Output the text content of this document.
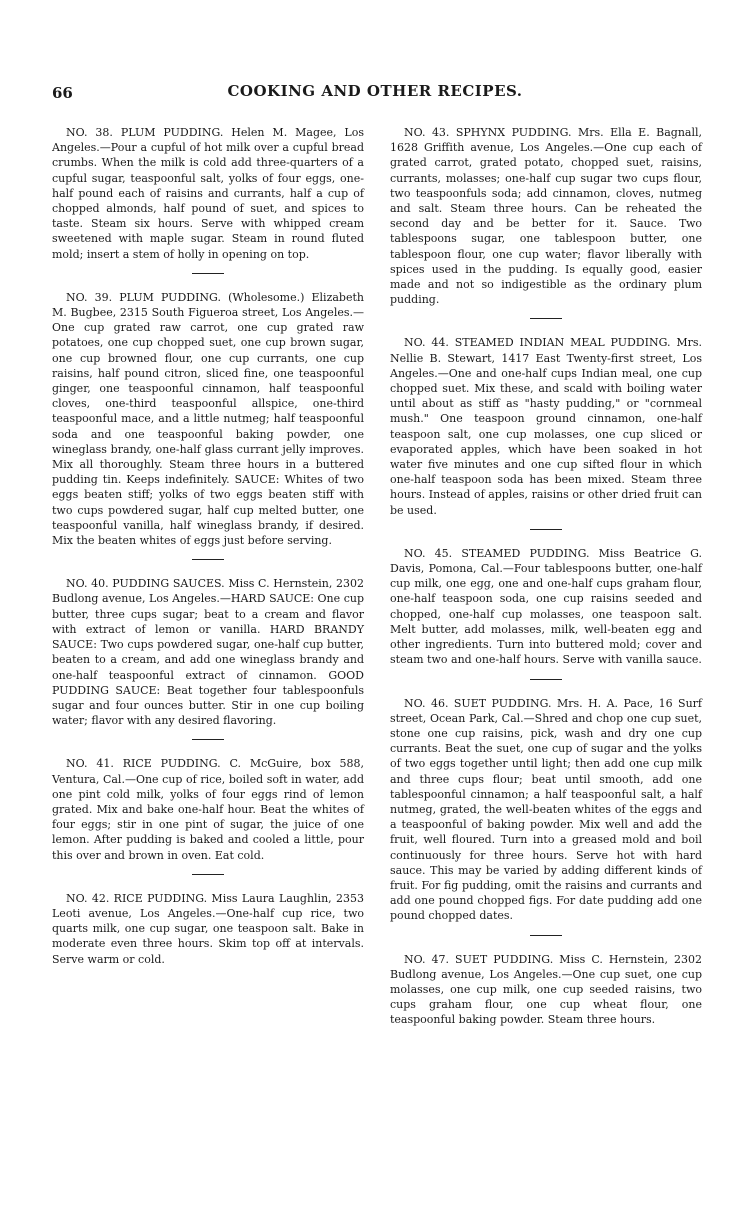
66	COOKING AND OTHER RECIPES.

NO. 38. PLUM PUDDING. Helen M. Magee, Los Angeles.—Pour a cupful of hot milk over a cupful bread crumbs. When the milk is cold add three-quarters of a cupful sugar, teaspoonful salt, yolks of four eggs, one-half pound each of raisins and currants, half a cup of chopped almonds, half pound of suet, and spices to taste. Steam six hours. Serve with whipped cream sweetened with maple sugar. Steam in round fluted mold; insert a stem of holly in opening on top.

NO. 39. PLUM PUDDING. (Wholesome.) Elizabeth M. Bugbee, 2315 South Figueroa street, Los Angeles.—One cup grated raw carrot, one cup grated raw potatoes, one cup chopped suet, one cup brown sugar, one cup browned flour, one cup currants, one cup raisins, half pound citron, sliced fine, one teaspoonful ginger, one teaspoonful cinnamon, half teaspoonful cloves, one-third teaspoonful allspice, one-third teaspoonful mace, and a little nutmeg; half teaspoonful soda and one teaspoonful baking powder, one wineglass brandy, one-half glass currant jelly improves. Mix all thoroughly. Steam three hours in a buttered pudding tin. Keeps indefinitely. SAUCE: Whites of two eggs beaten stiff; yolks of two eggs beaten stiff with two cups powdered sugar, half cup melted butter, one teaspoonful vanilla, half wineglass brandy, if desired. Mix the beaten whites of eggs just before serving.

NO. 40. PUDDING SAUCES. Miss C. Hernstein, 2302 Budlong avenue, Los Angeles.—HARD SAUCE: One cup butter, three cups sugar; beat to a cream and flavor with extract of lemon or vanilla. HARD BRANDY SAUCE: Two cups powdered sugar, one-half cup butter, beaten to a cream, and add one wineglass brandy and one-half teaspoonful extract of cinnamon. GOOD PUDDING SAUCE: Beat together four tablespoonfuls sugar and four ounces butter. Stir in one cup boiling water; flavor with any desired flavoring.

NO. 41. RICE PUDDING. C. McGuire, box 588, Ventura, Cal.—One cup of rice, boiled soft in water, add one pint cold milk, yolks of four eggs rind of lemon grated. Mix and bake one-half hour. Beat the whites of four eggs; stir in one pint of sugar, the juice of one lemon. After pudding is baked and cooled a little, pour this over and brown in oven. Eat cold.

NO. 42. RICE PUDDING. Miss Laura Laughlin, 2353 Leoti avenue, Los Angeles.—One-half cup rice, two quarts milk, one cup sugar, one teaspoon salt. Bake in moderate even three hours. Skim top off at intervals. Serve warm or cold.

NO. 43. SPHYNX PUDDING. Mrs. Ella E. Bagnall, 1628 Griffith avenue, Los Angeles.—One cup each of grated carrot, grated potato, chopped suet, raisins, currants, molasses; one-half cup sugar two cups flour, two teaspoonfuls soda; add cinnamon, cloves, nutmeg and salt. Steam three hours. Can be reheated the second day and be better for it. Sauce. Two tablespoons sugar, one tablespoon butter, one tablespoon flour, one cup water; flavor liberally with spices used in the pudding. Is equally good, easier made and not so indigestible as the ordinary plum pudding.

NO. 44. STEAMED INDIAN MEAL PUDDING. Mrs. Nellie B. Stewart, 1417 East Twenty-first street, Los Angeles.—One and one-half cups Indian meal, one cup chopped suet. Mix these, and scald with boiling water until about as stiff as "hasty pudding," or "cornmeal mush." One teaspoon ground cinnamon, one-half teaspoon salt, one cup molasses, one cup sliced or evaporated apples, which have been soaked in hot water five minutes and one cup sifted flour in which one-half teaspoon soda has been mixed. Steam three hours. Instead of apples, raisins or other dried fruit can be used.

NO. 45. STEAMED PUDDING. Miss Beatrice G. Davis, Pomona, Cal.—Four tablespoons butter, one-half cup milk, one egg, one and one-half cups graham flour, one-half teaspoon soda, one cup raisins seeded and chopped, one-half cup molasses, one teaspoon salt. Melt butter, add molasses, milk, well-beaten egg and other ingredients. Turn into buttered mold; cover and steam two and one-half hours. Serve with vanilla sauce.

NO. 46. SUET PUDDING. Mrs. H. A. Pace, 16 Surf street, Ocean Park, Cal.—Shred and chop one cup suet, stone one cup raisins, pick, wash and dry one cup currants. Beat the suet, one cup of sugar and the yolks of two eggs together until light; then add one cup milk and three cups flour; beat until smooth, add one tablespoonful cinnamon; a half teaspoonful salt, a half nutmeg, grated, the well-beaten whites of the eggs and a teaspoonful of baking powder. Mix well and add the fruit, well floured. Turn into a greased mold and boil continuously for three hours. Serve hot with hard sauce. This may be varied by adding different kinds of fruit. For fig pudding, omit the raisins and currants and add one pound chopped figs. For date pudding add one pound chopped dates.

NO. 47. SUET PUDDING. Miss C. Hernstein, 2302 Budlong avenue, Los Angeles.—One cup suet, one cup molasses, one cup milk, one cup seeded raisins, two cups graham flour, one cup wheat flour, one teaspoonful baking powder. Steam three hours.
